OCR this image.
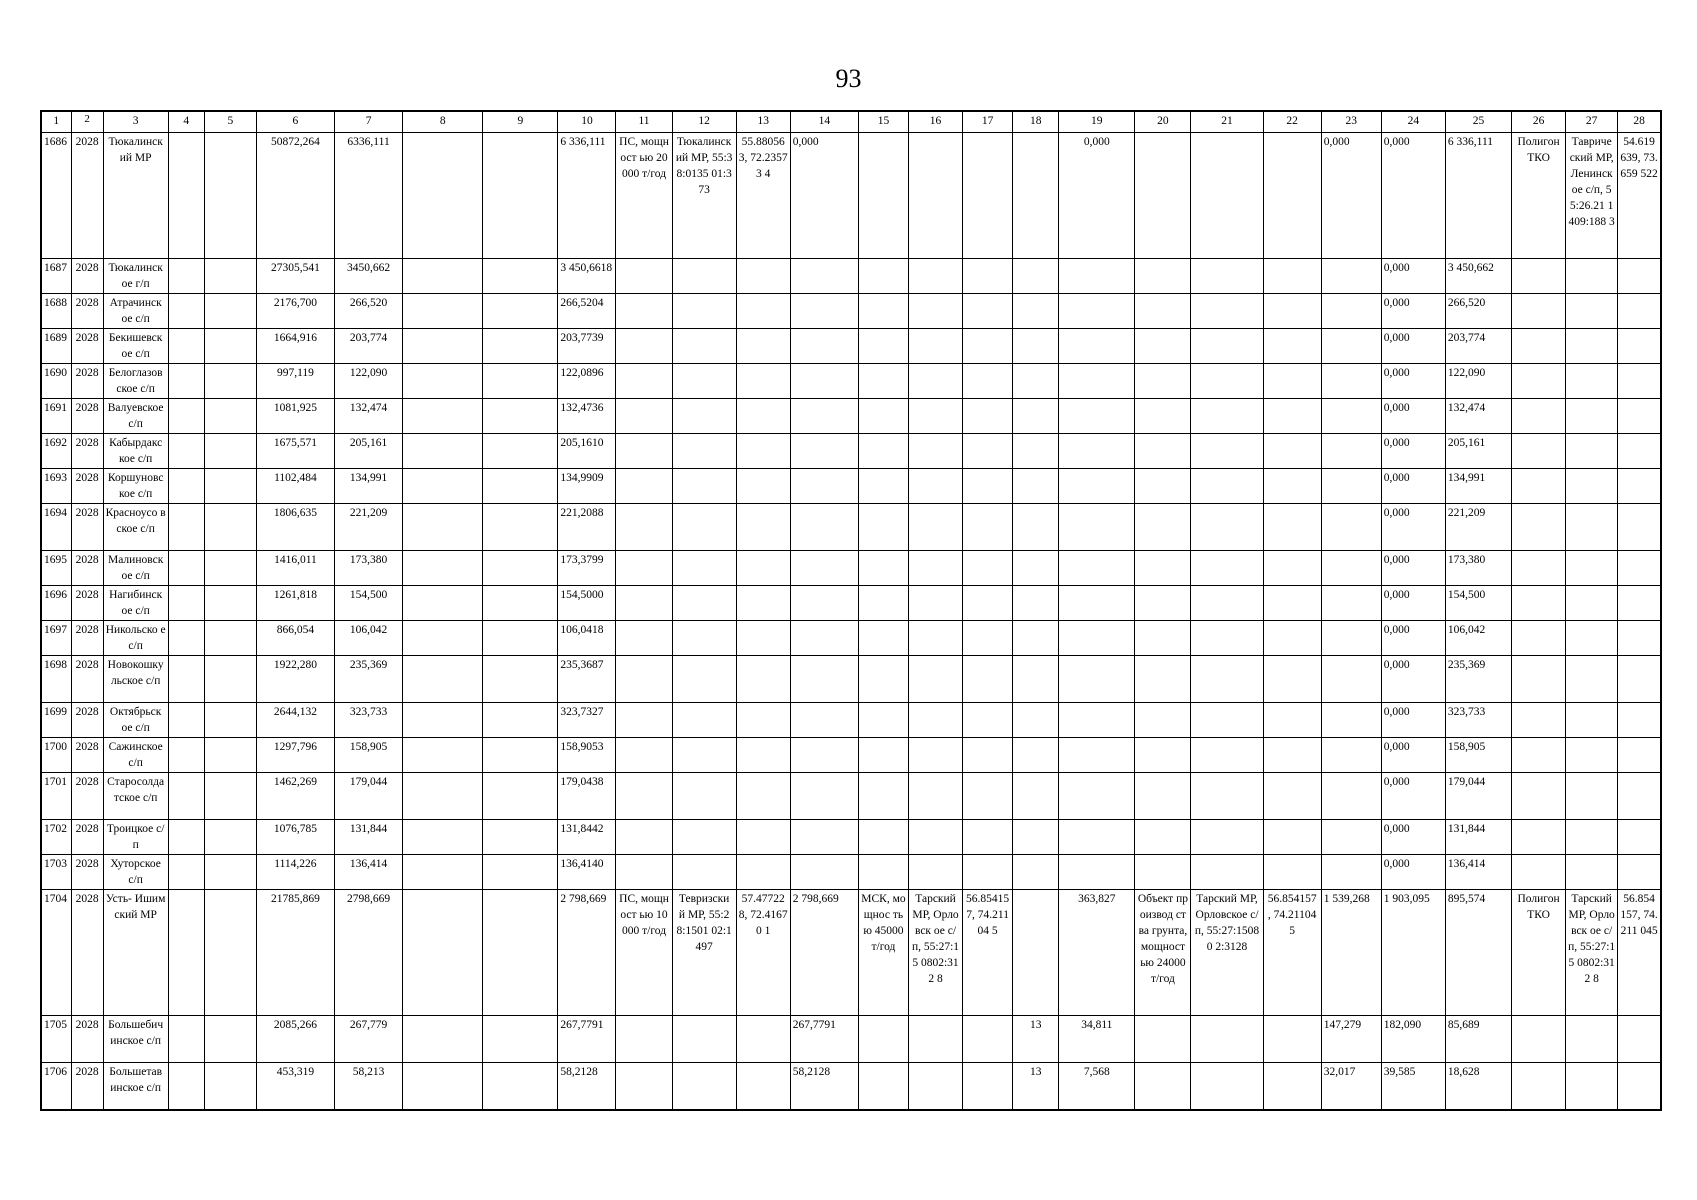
93
1	2	3	4	5	6	7	8	9	10	11	12	13	14	15	16	17	18	19	20	21	22	23	24	25	26	27	28
1686	2028	Тюкалинск ий МР			50872,264	6336,111			6 336,111	ПС, мощност ью 20000 т/год	Тюкалинск ий МР, 55:38:0135 01:373	55.88056 3, 72.23573 4	0,000					0,000				0,000	0,000	6 336,111	Полигон ТКО	Тавриче ский МР, Ленинск ое с/п, 55:26.21 1409:188 3	54.619 639, 73.659 522
1687	2028	Тюкалинск ое г/п			27305,541	3450,662			3 450,6618														0,000	3 450,662			
1688	2028	Атрачинск ое с/п			2176,700	266,520			266,5204														0,000	266,520			
1689	2028	Бекишевск ое с/п			1664,916	203,774			203,7739														0,000	203,774			
1690	2028	Белоглазов ское с/п			997,119	122,090			122,0896														0,000	122,090			
1691	2028	Валуевское с/п			1081,925	132,474			132,4736														0,000	132,474			
1692	2028	Кабырдакс кое с/п			1675,571	205,161			205,1610														0,000	205,161			
1693	2028	Коршуновс кое с/п			1102,484	134,991			134,9909														0,000	134,991			
1694	2028	Красноусо вское с/п			1806,635	221,209			221,2088														0,000	221,209			
1695	2028	Малиновск ое с/п			1416,011	173,380			173,3799														0,000	173,380			
1696	2028	Нагибинск ое с/п			1261,818	154,500			154,5000														0,000	154,500			
1697	2028	Никольско е с/п			866,054	106,042			106,0418														0,000	106,042			
1698	2028	Новокошку льское с/п			1922,280	235,369			235,3687														0,000	235,369			
1699	2028	Октябрьск ое с/п			2644,132	323,733			323,7327														0,000	323,733			
1700	2028	Сажинское с/п			1297,796	158,905			158,9053														0,000	158,905			
1701	2028	Старосолда тское с/п			1462,269	179,044			179,0438														0,000	179,044			
1702	2028	Троицкое с/п			1076,785	131,844			131,8442														0,000	131,844			
1703	2028	Хуторское с/п			1114,226	136,414			136,4140														0,000	136,414			
1704	2028	Усть- Ишимский МР			21785,869	2798,669			2 798,669	ПС, мощност ью 10000 т/год	Тевризски й МР, 55:28:1501 02:1497	57.47722 8, 72.41670 1	2 798,669	МСК, мощнос тью 45000 т/год	Тарский МР, Орловск ое с/п, 55:27:15 0802:312 8	56.85415 7, 74.21104 5		363,827	Объект производ ства грунта, мощност ью 24000 т/год	Тарский МР, Орловское с/п, 55:27:15080 2:3128	56.854157 , 74.211045	1 539,268	1 903,095	895,574	Полигон ТКО	Тарский МР, Орловск ое с/п, 55:27:15 0802:312 8	56.854 157, 74.211 045
1705	2028	Большебич инское с/п			2085,266	267,779			267,7791				267,7791				13	34,811				147,279	182,090	85,689			
1706	2028	Большетав инское с/п			453,319	58,213			58,2128				58,2128				13	7,568				32,017	39,585	18,628			
